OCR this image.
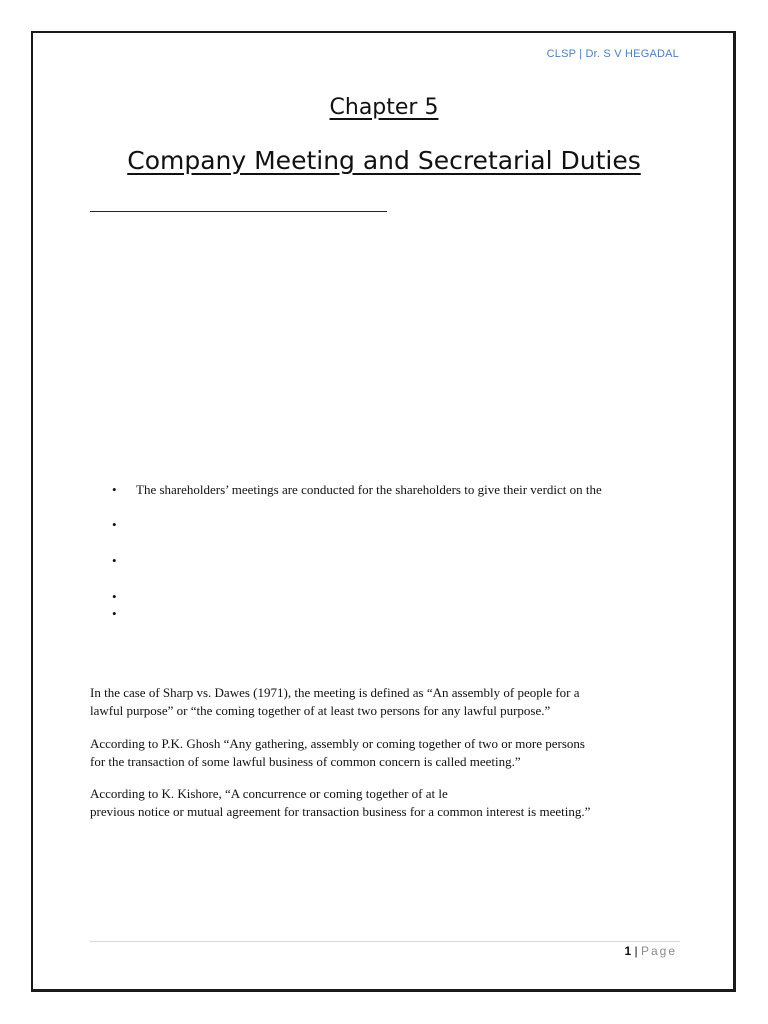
CLSP | Dr. S V HEGADAL
Chapter 5
Company Meeting and Secretarial Duties
• The shareholders’ meetings are conducted for the shareholders to give their verdict on the
•
•
•
•

In the case of Sharp vs. Dawes (1971), the meeting is defined as “An assembly of people for a

lawful purpose” or “the coming together of at least two persons for any lawful purpose.”

According to P.K. Ghosh “Any gathering, assembly or coming together of two or more persons

for the transaction of some lawful business of common concern is called meeting.”

According to K. Kishore, “A concurrence or coming together of at le

previous notice or mutual agreement for transaction business for a common interest is meeting.”

1 | Page
